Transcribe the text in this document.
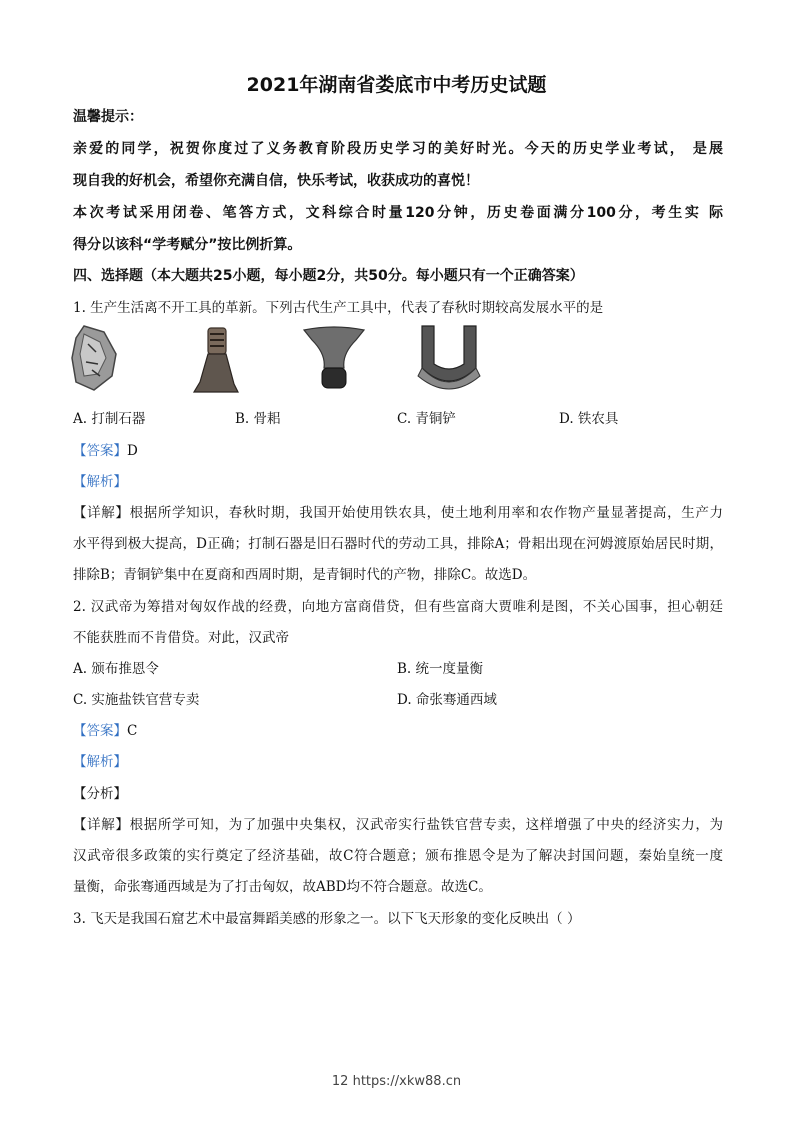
2021年湖南省娄底市中考历史试题
温馨提示：
亲爱的同学，祝贺你度过了义务教育阶段历史学习的美好时光。今天的历史学业考试， 是展
现自我的好机会，希望你充满自信，快乐考试，收获成功的喜悦！
本次考试采用闭卷、笔答方式，文科综合时量120分钟，历史卷面满分100分，考生实 际
得分以该科“学考赋分”按比例折算。
四、选择题（本大题共25小题，每小题2分，共50分。每小题只有一个正确答案）
1. 生产生活离不开工具的革新。下列古代生产工具中，代表了春秋时期较高发展水平的是
A. 打制石器	B. 骨耜	C. 青铜铲	D. 铁农具
【答案】D
【解析】
【详解】根据所学知识，春秋时期，我国开始使用铁农具，使土地利用率和农作物产量显著提高，生产力
水平得到极大提高，D正确；打制石器是旧石器时代的劳动工具，排除A；骨耜出现在河姆渡原始居民时期，
排除B；青铜铲集中在夏商和西周时期，是青铜时代的产物，排除C。故选D。
2. 汉武帝为筹措对匈奴作战的经费，向地方富商借贷，但有些富商大贾唯利是图，不关心国事，担心朝廷
不能获胜而不肯借贷。对此，汉武帝
A. 颁布推恩令	B. 统一度量衡
C. 实施盐铁官营专卖	D. 命张骞通西域
【答案】C
【解析】
【分析】
【详解】根据所学可知，为了加强中央集权，汉武帝实行盐铁官营专卖，这样增强了中央的经济实力，为
汉武帝很多政策的实行奠定了经济基础，故C符合题意；颁布推恩令是为了解决封国问题，秦始皇统一度
量衡，命张骞通西域是为了打击匈奴，故ABD均不符合题意。故选C。
3. 飞天是我国石窟艺术中最富舞蹈美感的形象之一。以下飞天形象的变化反映出（ ）
12 https://xkw88.cn
